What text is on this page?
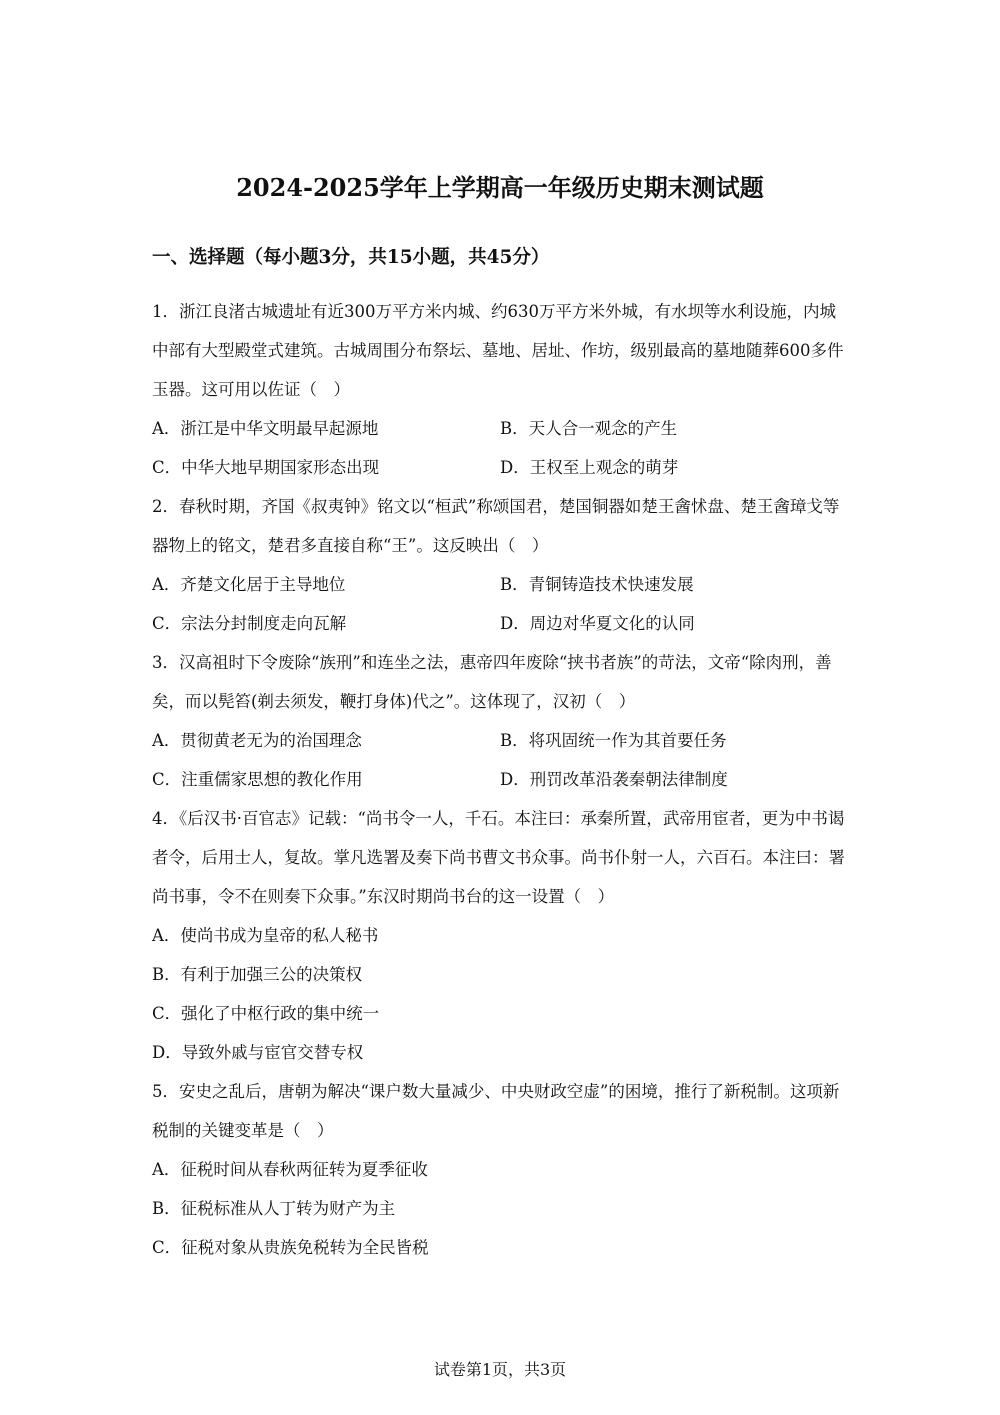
2024-2025学年上学期高一年级历史期末测试题
一、选择题（每小题3分，共15小题，共45分）

1．浙江良渚古城遗址有近300万平方米内城、约630万平方米外城，有水坝等水利设施，内城中部有大型殿堂式建筑。古城周围分布祭坛、墓地、居址、作坊，级别最高的墓地随葬600多件玉器。这可用以佐证（　）

A．浙江是中华文明最早起源地	B．天人合一观念的产生
C．中华大地早期国家形态出现	D．王权至上观念的萌芽

2．春秋时期，齐国《叔夷钟》铭文以“桓武”称颂国君，楚国铜器如楚王酓怵盘、楚王酓璋戈等器物上的铭文，楚君多直接自称“王”。这反映出（　）

A．齐楚文化居于主导地位	B．青铜铸造技术快速发展
C．宗法分封制度走向瓦解	D．周边对华夏文化的认同

3．汉高祖时下令废除“族刑”和连坐之法，惠帝四年废除“挟书者族”的苛法，文帝“除肉刑，善矣，而以髡笞(剃去须发，鞭打身体)代之”。这体现了，汉初（　）

A．贯彻黄老无为的治国理念	B．将巩固统一作为其首要任务
C．注重儒家思想的教化作用	D．刑罚改革沿袭秦朝法律制度

4．《后汉书·百官志》记载：“尚书令一人，千石。本注曰：承秦所置，武帝用宦者，更为中书谒者令，后用士人，复故。掌凡选署及奏下尚书曹文书众事。尚书仆射一人，六百石。本注曰：署尚书事，令不在则奏下众事。”东汉时期尚书台的这一设置（　）

A．使尚书成为皇帝的私人秘书
B．有利于加强三公的决策权
C．强化了中枢行政的集中统一
D．导致外戚与宦官交替专权

5．安史之乱后，唐朝为解决“课户数大量减少、中央财政空虚”的困境，推行了新税制。这项新税制的关键变革是（　）

A．征税时间从春秋两征转为夏季征收
B．征税标准从人丁转为财产为主
C．征税对象从贵族免税转为全民皆税
试卷第1页，共3页
